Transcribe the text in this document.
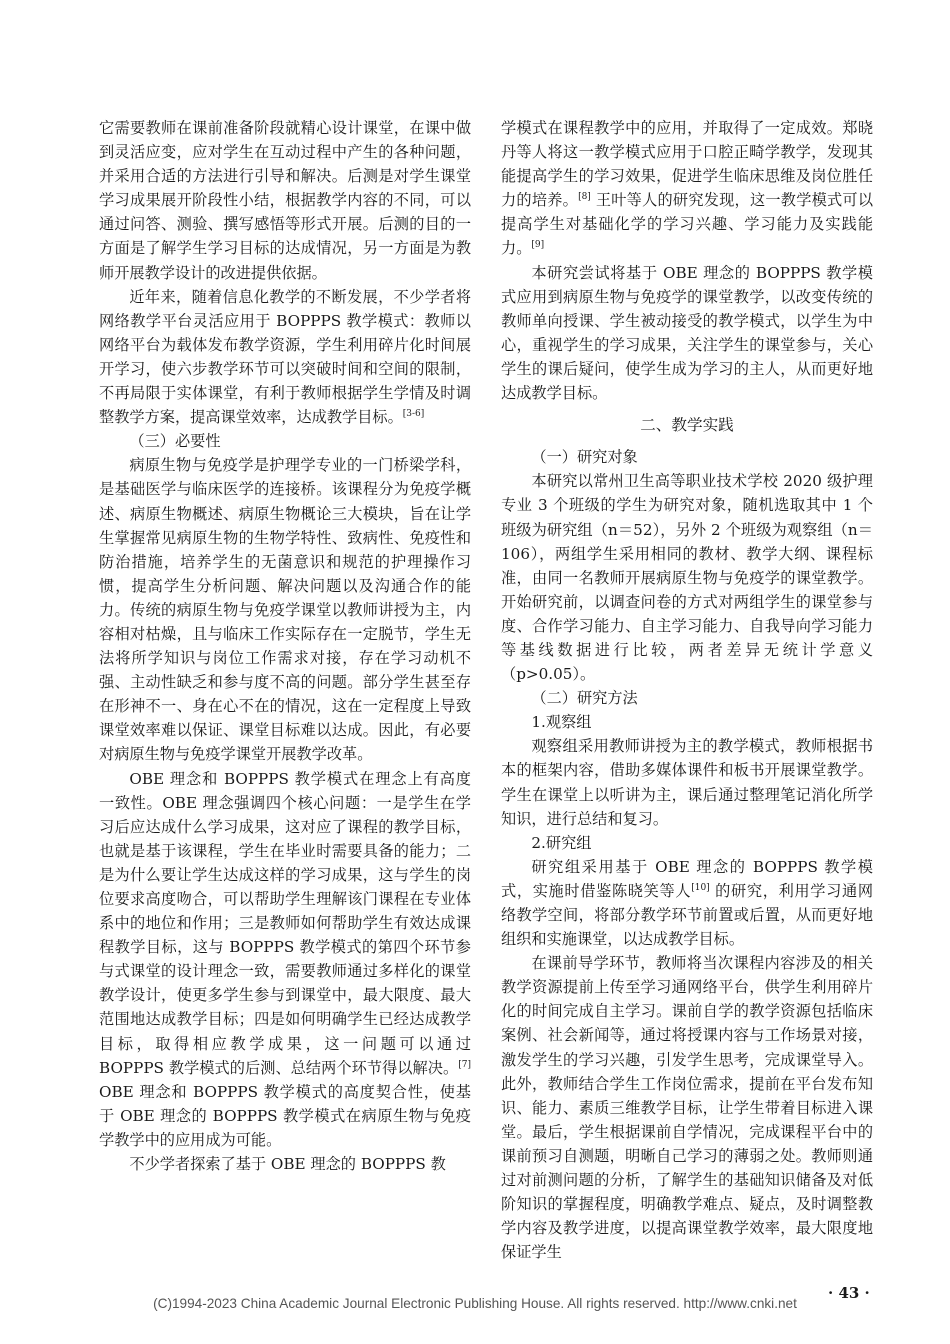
它需要教师在课前准备阶段就精心设计课堂，在课中做到灵活应变，应对学生在互动过程中产生的各种问题，并采用合适的方法进行引导和解决。后测是对学生课堂学习成果展开阶段性小结，根据教学内容的不同，可以通过问答、测验、撰写感悟等形式开展。后测的目的一方面是了解学生学习目标的达成情况，另一方面是为教师开展教学设计的改进提供依据。

近年来，随着信息化教学的不断发展，不少学者将网络教学平台灵活应用于 BOPPPS 教学模式：教师以网络平台为载体发布教学资源，学生利用碎片化时间展开学习，使六步教学环节可以突破时间和空间的限制，不再局限于实体课堂，有利于教师根据学生学情及时调整教学方案，提高课堂效率，达成教学目标。[3-6]

（三）必要性

病原生物与免疫学是护理学专业的一门桥梁学科，是基础医学与临床医学的连接桥。该课程分为免疫学概述、病原生物概述、病原生物概论三大模块，旨在让学生掌握常见病原生物的生物学特性、致病性、免疫性和防治措施，培养学生的无菌意识和规范的护理操作习惯，提高学生分析问题、解决问题以及沟通合作的能力。传统的病原生物与免疫学课堂以教师讲授为主，内容相对枯燥，且与临床工作实际存在一定脱节，学生无法将所学知识与岗位工作需求对接，存在学习动机不强、主动性缺乏和参与度不高的问题。部分学生甚至存在形神不一、身在心不在的情况，这在一定程度上导致课堂效率难以保证、课堂目标难以达成。因此，有必要对病原生物与免疫学课堂开展教学改革。

OBE 理念和 BOPPPS 教学模式在理念上有高度一致性。OBE 理念强调四个核心问题：一是学生在学习后应达成什么学习成果，这对应了课程的教学目标，也就是基于该课程，学生在毕业时需要具备的能力；二是为什么要让学生达成这样的学习成果，这与学生的岗位要求高度吻合，可以帮助学生理解该门课程在专业体系中的地位和作用；三是教师如何帮助学生有效达成课程教学目标，这与 BOPPPS 教学模式的第四个环节参与式课堂的设计理念一致，需要教师通过多样化的课堂教学设计，使更多学生参与到课堂中，最大限度、最大范围地达成教学目标；四是如何明确学生已经达成教学目标，取得相应教学成果，这一问题可以通过 BOPPPS 教学模式的后测、总结两个环节得以解决。[7] OBE 理念和 BOPPPS 教学模式的高度契合性，使基于 OBE 理念的 BOPPPS 教学模式在病原生物与免疫学教学中的应用成为可能。

不少学者探索了基于 OBE 理念的 BOPPPS 教

学模式在课程教学中的应用，并取得了一定成效。郑晓丹等人将这一教学模式应用于口腔正畸学教学，发现其能提高学生的学习效果，促进学生临床思维及岗位胜任力的培养。[8] 王叶等人的研究发现，这一教学模式可以提高学生对基础化学的学习兴趣、学习能力及实践能力。[9]

本研究尝试将基于 OBE 理念的 BOPPPS 教学模式应用到病原生物与免疫学的课堂教学，以改变传统的教师单向授课、学生被动接受的教学模式，以学生为中心，重视学生的学习成果，关注学生的课堂参与，关心学生的课后疑问，使学生成为学习的主人，从而更好地达成教学目标。

二、教学实践

（一）研究对象

本研究以常州卫生高等职业技术学校 2020 级护理专业 3 个班级的学生为研究对象，随机选取其中 1 个班级为研究组（n＝52），另外 2 个班级为观察组（n＝106），两组学生采用相同的教材、教学大纲、课程标准，由同一名教师开展病原生物与免疫学的课堂教学。开始研究前，以调查问卷的方式对两组学生的课堂参与度、合作学习能力、自主学习能力、自我导向学习能力等基线数据进行比较，两者差异无统计学意义（p>0.05）。

（二）研究方法

1.观察组

观察组采用教师讲授为主的教学模式，教师根据书本的框架内容，借助多媒体课件和板书开展课堂教学。学生在课堂上以听讲为主，课后通过整理笔记消化所学知识，进行总结和复习。

2.研究组

研究组采用基于 OBE 理念的 BOPPPS 教学模式，实施时借鉴陈晓笑等人[10] 的研究，利用学习通网络教学空间，将部分教学环节前置或后置，从而更好地组织和实施课堂，以达成教学目标。

在课前导学环节，教师将当次课程内容涉及的相关教学资源提前上传至学习通网络平台，供学生利用碎片化的时间完成自主学习。课前自学的教学资源包括临床案例、社会新闻等，通过将授课内容与工作场景对接，激发学生的学习兴趣，引发学生思考，完成课堂导入。此外，教师结合学生工作岗位需求，提前在平台发布知识、能力、素质三维教学目标，让学生带着目标进入课堂。最后，学生根据课前自学情况，完成课程平台中的课前预习自测题，明晰自己学习的薄弱之处。教师则通过对前测问题的分析，了解学生的基础知识储备及对低阶知识的掌握程度，明确教学难点、疑点，及时调整教学内容及教学进度，以提高课堂教学效率，最大限度地保证学生

· 43 ·
(C)1994-2023 China Academic Journal Electronic Publishing House. All rights reserved. http://www.cnki.net
